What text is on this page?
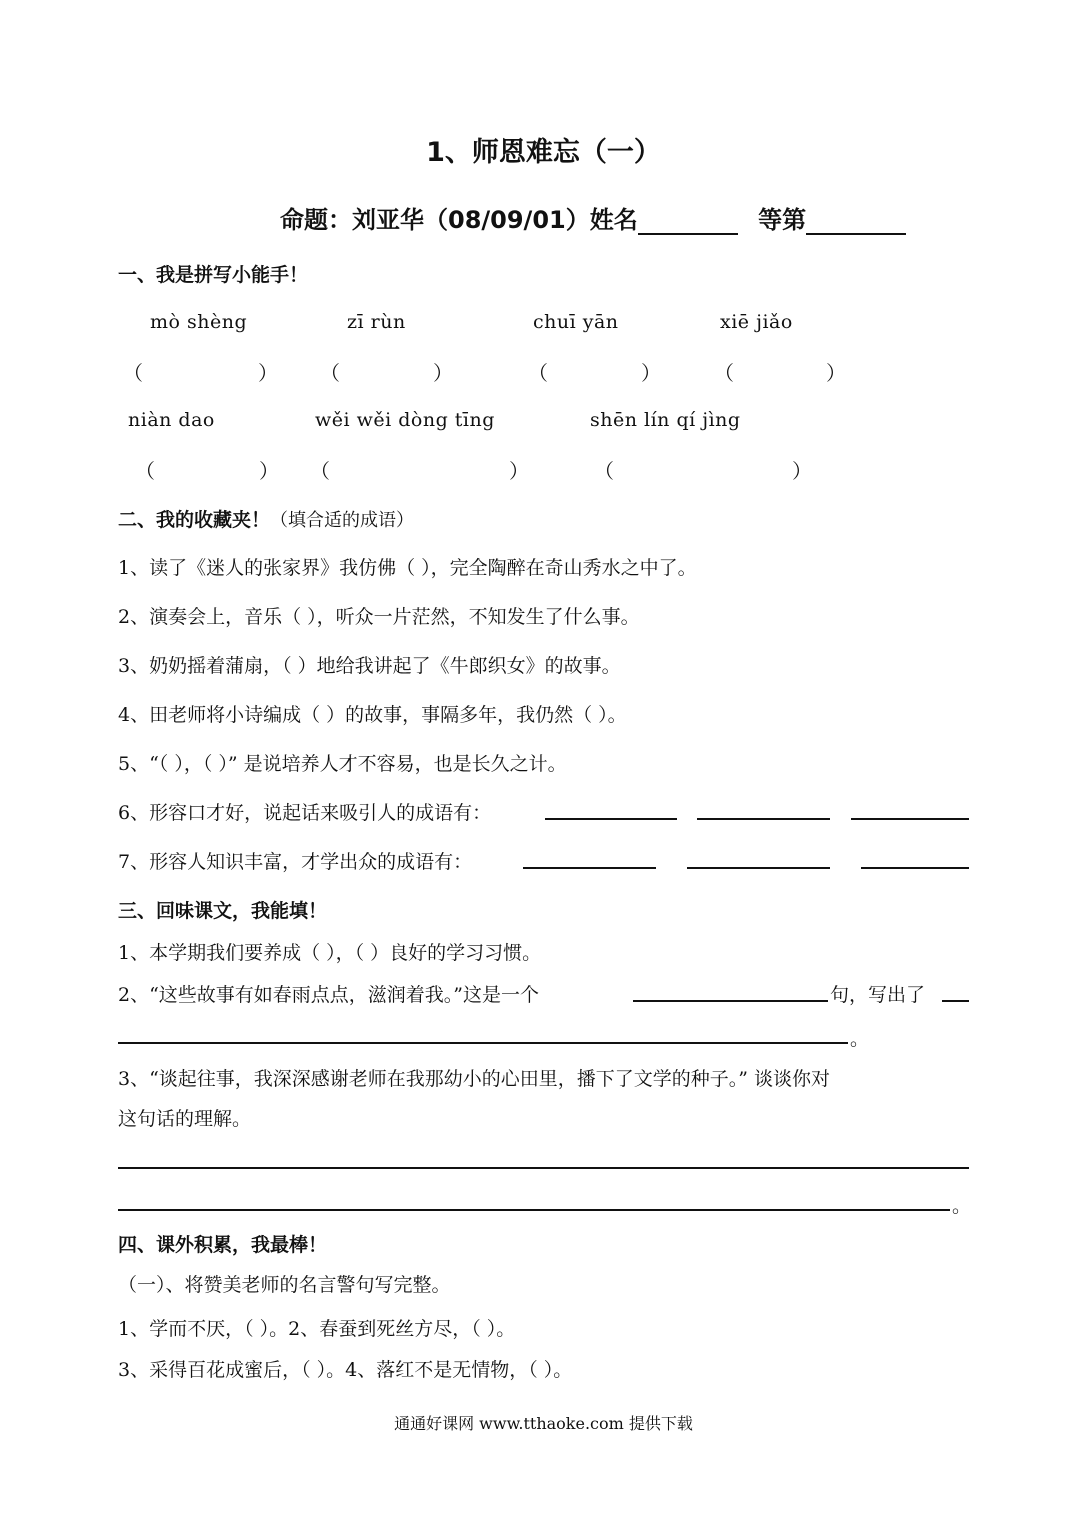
1、师恩难忘（一）
命题：刘亚华（08/09/01）姓名	等第
一、我是拼写小能手！
mò shèng	zī rùn	chuī yān	xiē jiǎo
（	） （	）	（	）	（	）
niàn dao	wěi wěi dòng tīng	shēn lín qí jìng
（	） （	）	（	）
二、我的收藏夹！（填合适的成语）
1、读了《迷人的张家界》我仿佛（ ），完全陶醉在奇山秀水之中了。
2、演奏会上，音乐（ ），听众一片茫然，不知发生了什么事。
3、奶奶摇着蒲扇，（ ）地给我讲起了《牛郎织女》的故事。
4、田老师将小诗编成（ ）的故事，事隔多年，我仍然（ ）。
5、“（ ），（ ）” 是说培养人才不容易，也是长久之计。
6、形容口才好，说起话来吸引人的成语有：
7、形容人知识丰富，才学出众的成语有：
三、回味课文，我能填！
1、本学期我们要养成（ ），（ ）良好的学习习惯。
2、“这些故事有如春雨点点，滋润着我。”这是一个	句，写出了
。
3、“谈起往事，我深深感谢老师在我那幼小的心田里，播下了文学的种子。” 谈谈你对
这句话的理解。
。
四、课外积累，我最棒！
（一）、将赞美老师的名言警句写完整。
1、学而不厌，（ ）。2、春蚕到死丝方尽，（ ）。
3、采得百花成蜜后，（ ）。4、落红不是无情物，（ ）。
通通好课网 www.tthaoke.com 提供下载
